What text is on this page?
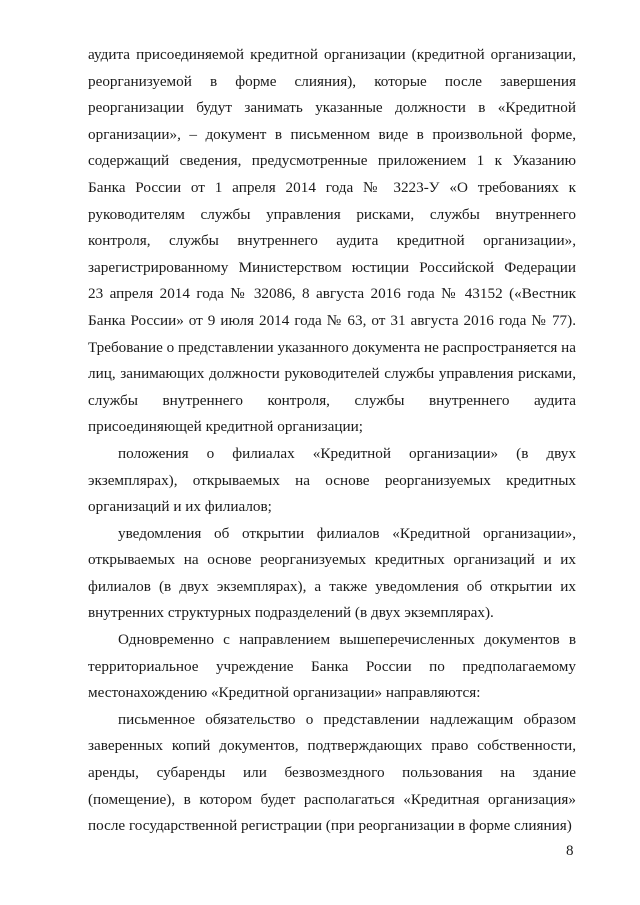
аудита присоединяемой кредитной организации (кредитной организации,
реорганизуемой в форме слияния), которые после завершения
реорганизации будут занимать указанные должности в «Кредитной
организации», – документ в письменном виде в произвольной форме,
содержащий сведения, предусмотренные приложением 1 к Указанию
Банка России от 1 апреля 2014 года № 3223-У «О требованиях к
руководителям службы управления рисками, службы внутреннего
контроля, службы внутреннего аудита кредитной организации»,
зарегистрированному Министерством юстиции Российской Федерации
23 апреля 2014 года № 32086, 8 августа 2016 года № 43152 («Вестник
Банка России» от 9 июля 2014 года № 63, от 31 августа 2016 года № 77).
Требование о представлении указанного документа не распространяется на
лиц, занимающих должности руководителей службы управления рисками,
службы внутреннего контроля, службы внутреннего аудита
присоединяющей кредитной организации;
положения о филиалах «Кредитной организации» (в двух
экземплярах), открываемых на основе реорганизуемых кредитных
организаций и их филиалов;
уведомления об открытии филиалов «Кредитной организации»,
открываемых на основе реорганизуемых кредитных организаций и их
филиалов (в двух экземплярах), а также уведомления об открытии их
внутренних структурных подразделений (в двух экземплярах).
Одновременно с направлением вышеперечисленных документов в
территориальное учреждение Банка России по предполагаемому
местонахождению «Кредитной организации» направляются:
письменное обязательство о представлении надлежащим образом
заверенных копий документов, подтверждающих право собственности,
аренды, субаренды или безвозмездного пользования на здание
(помещение), в котором будет располагаться «Кредитная организация»
после государственной регистрации (при реорганизации в форме слияния)
8
